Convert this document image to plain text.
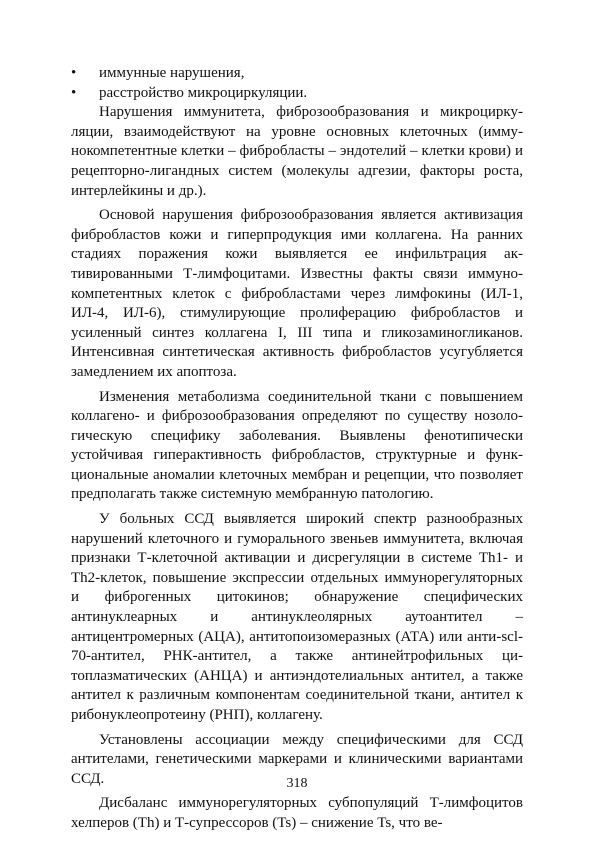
• иммунные нарушения,
• расстройство микроциркуляции.

Нарушения иммунитета, фиброзообразования и микроциркуляции, взаимодействуют на уровне основных клеточных (иммунокомпетентные клетки – фибробласты – эндотелий – клетки крови) и рецепторно-лигандных систем (молекулы адгезии, факторы роста, интерлейкины и др.).

Основой нарушения фиброзообразования является активизация фибробластов кожи и гиперпродукция ими коллагена. На ранних стадиях поражения кожи выявляется ее инфильтрация активированными Т-лимфоцитами. Известны факты связи иммунокомпетентных клеток с фибробластами через лимфокины (ИЛ-1, ИЛ-4, ИЛ-6), стимулирующие пролиферацию фибробластов и усиленный синтез коллагена I, III типа и гликозаминогликанов. Интенсивная синтетическая активность фибробластов усугубляется замедлением их апоптоза.

Изменения метаболизма соединительной ткани с повышением коллагено- и фиброзообразования определяют по существу нозологическую специфику заболевания. Выявлены фенотипически устойчивая гиперактивность фибробластов, структурные и функциональные аномалии клеточных мембран и рецепции, что позволяет предполагать также системную мембранную патологию.

У больных ССД выявляется широкий спектр разнообразных нарушений клеточного и гуморального звеньев иммунитета, включая признаки Т-клеточной активации и дисрегуляции в системе Th1- и Th2-клеток, повышение экспрессии отдельных иммунорегуляторных и фиброгенных цитокинов; обнаружение специфических антинуклеарных и антинуклеолярных аутоантител – антицентромерных (АЦА), антитопоизомеразных (АТА) или анти-scl-70-антител, РНК-антител, а также антинейтрофильных цитоплазматических (АНЦА) и антиэндотелиальных антител, а также антител к различным компонентам соединительной ткани, антител к рибонуклеопротеину (РНП), коллагену.

Установлены ассоциации между специфическими для ССД антителами, генетическими маркерами и клиническими вариантами ССД.

Дисбаланс иммунорегуляторных субпопуляций Т-лимфоцитов хелперов (Th) и Т-супрессоров (Ts) – снижение Ts, что ве-

318
